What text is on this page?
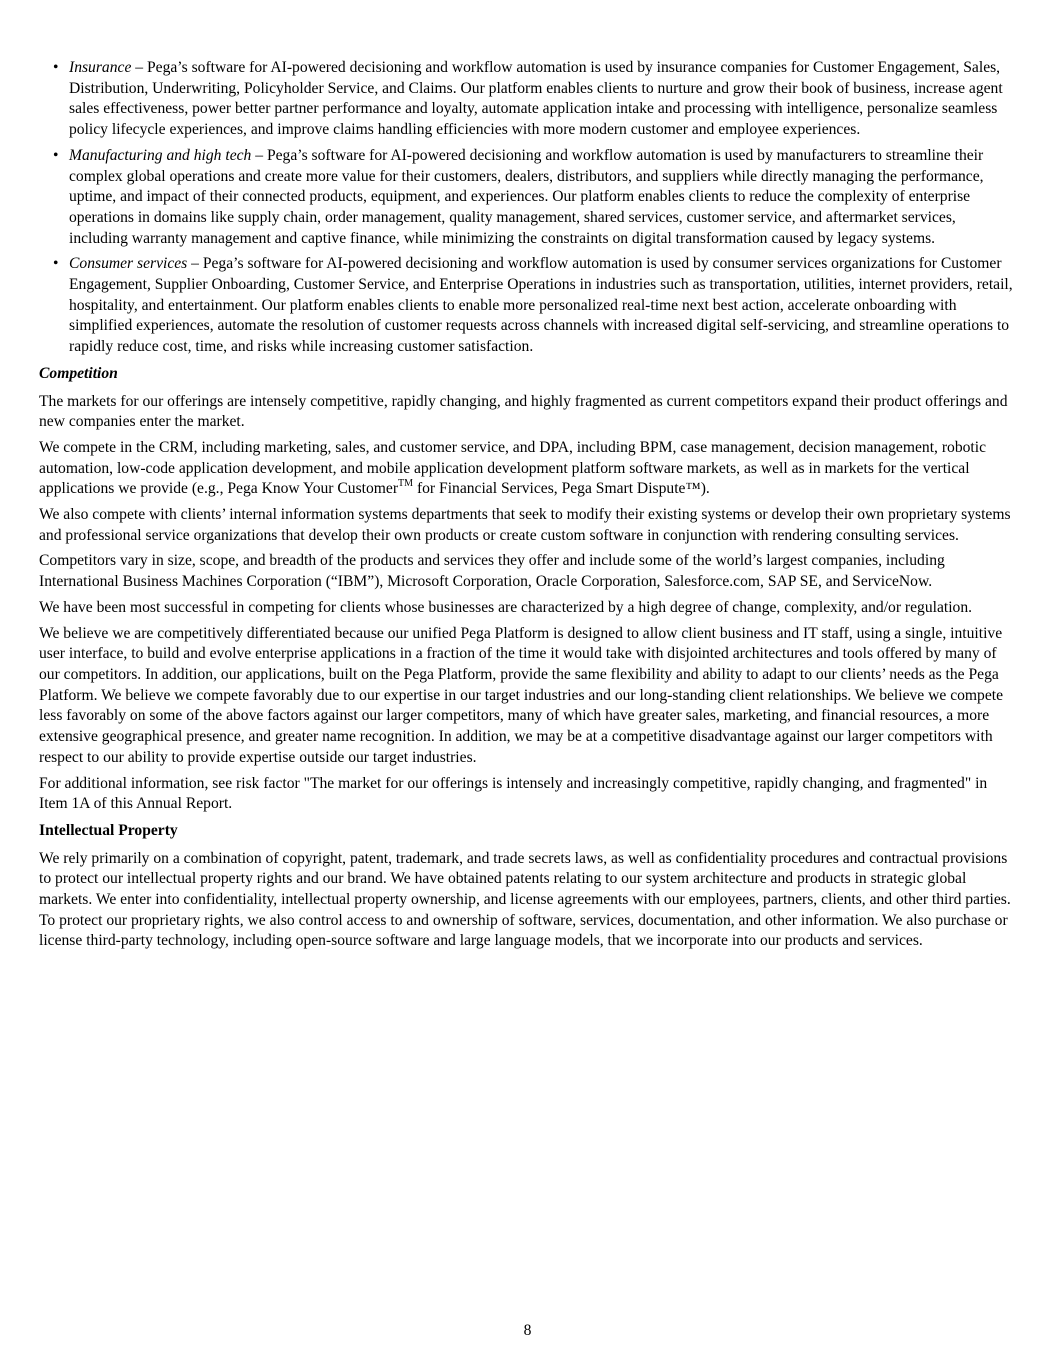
• Insurance – Pega’s software for AI-powered decisioning and workflow automation is used by insurance companies for Customer Engagement, Sales, Distribution, Underwriting, Policyholder Service, and Claims. Our platform enables clients to nurture and grow their book of business, increase agent sales effectiveness, power better partner performance and loyalty, automate application intake and processing with intelligence, personalize seamless policy lifecycle experiences, and improve claims handling efficiencies with more modern customer and employee experiences.
• Manufacturing and high tech – Pega’s software for AI-powered decisioning and workflow automation is used by manufacturers to streamline their complex global operations and create more value for their customers, dealers, distributors, and suppliers while directly managing the performance, uptime, and impact of their connected products, equipment, and experiences. Our platform enables clients to reduce the complexity of enterprise operations in domains like supply chain, order management, quality management, shared services, customer service, and aftermarket services, including warranty management and captive finance, while minimizing the constraints on digital transformation caused by legacy systems.
• Consumer services – Pega’s software for AI-powered decisioning and workflow automation is used by consumer services organizations for Customer Engagement, Supplier Onboarding, Customer Service, and Enterprise Operations in industries such as transportation, utilities, internet providers, retail, hospitality, and entertainment. Our platform enables clients to enable more personalized real-time next best action, accelerate onboarding with simplified experiences, automate the resolution of customer requests across channels with increased digital self-servicing, and streamline operations to rapidly reduce cost, time, and risks while increasing customer satisfaction.
Competition

The markets for our offerings are intensely competitive, rapidly changing, and highly fragmented as current competitors expand their product offerings and new companies enter the market.

We compete in the CRM, including marketing, sales, and customer service, and DPA, including BPM, case management, decision management, robotic automation, low-code application development, and mobile application development platform software markets, as well as in markets for the vertical applications we provide (e.g., Pega Know Your Customer™ for Financial Services, Pega Smart Dispute™).

We also compete with clients’ internal information systems departments that seek to modify their existing systems or develop their own proprietary systems and professional service organizations that develop their own products or create custom software in conjunction with rendering consulting services.

Competitors vary in size, scope, and breadth of the products and services they offer and include some of the world’s largest companies, including International Business Machines Corporation (“IBM”), Microsoft Corporation, Oracle Corporation, Salesforce.com, SAP SE, and ServiceNow.

We have been most successful in competing for clients whose businesses are characterized by a high degree of change, complexity, and/or regulation.

We believe we are competitively differentiated because our unified Pega Platform is designed to allow client business and IT staff, using a single, intuitive user interface, to build and evolve enterprise applications in a fraction of the time it would take with disjointed architectures and tools offered by many of our competitors. In addition, our applications, built on the Pega Platform, provide the same flexibility and ability to adapt to our clients’ needs as the Pega Platform. We believe we compete favorably due to our expertise in our target industries and our long-standing client relationships. We believe we compete less favorably on some of the above factors against our larger competitors, many of which have greater sales, marketing, and financial resources, a more extensive geographical presence, and greater name recognition. In addition, we may be at a competitive disadvantage against our larger competitors with respect to our ability to provide expertise outside our target industries.

For additional information, see risk factor "The market for our offerings is intensely and increasingly competitive, rapidly changing, and fragmented" in Item 1A of this Annual Report.

Intellectual Property

We rely primarily on a combination of copyright, patent, trademark, and trade secrets laws, as well as confidentiality procedures and contractual provisions to protect our intellectual property rights and our brand. We have obtained patents relating to our system architecture and products in strategic global markets. We enter into confidentiality, intellectual property ownership, and license agreements with our employees, partners, clients, and other third parties. To protect our proprietary rights, we also control access to and ownership of software, services, documentation, and other information. We also purchase or license third-party technology, including open-source software and large language models, that we incorporate into our products and services.

8
